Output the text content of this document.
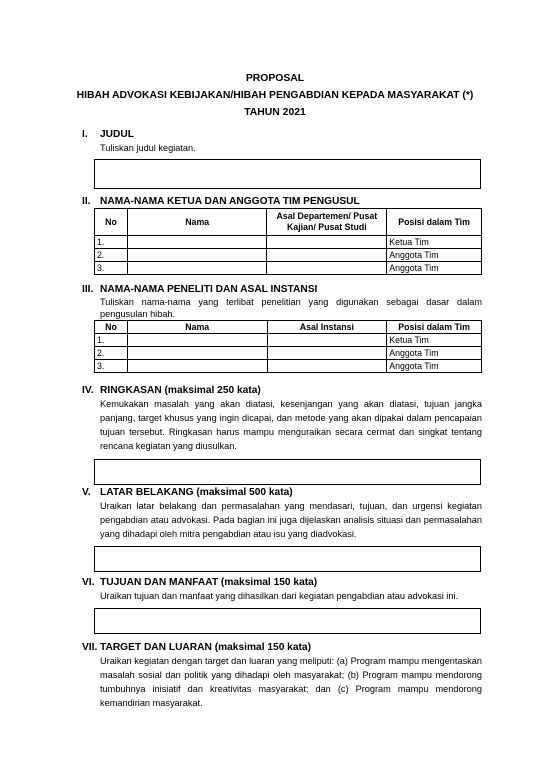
PROPOSAL
HIBAH ADVOKASI KEBIJAKAN/HIBAH PENGABDIAN KEPADA MASYARAKAT (*)
TAHUN 2021
I. JUDUL
Tuliskan judul kegiatan.
II. NAMA-NAMA KETUA DAN ANGGOTA TIM PENGUSUL
No	Nama	Asal Departemen/ Pusat Kajian/ Pusat Studi	Posisi dalam Tim
1.			Ketua Tim
2.			Anggota Tim
3.			Anggota Tim
III. NAMA-NAMA PENELITI DAN ASAL INSTANSI
Tuliskan nama-nama yang terlibat penelitian yang digunakan sebagai dasar dalam pengusulan hibah.
No	Nama	Asal Instansi	Posisi dalam Tim
1.			Ketua Tim
2.			Anggota Tim
3.			Anggota Tim
IV. RINGKASAN (maksimal 250 kata)
Kemukakan masalah yang akan diatasi, kesenjangan yang akan diatasi, tujuan jangka panjang, target khusus yang ingin dicapai, dan metode yang akan dipakai dalam pencapaian tujuan tersebut. Ringkasan harus mampu menguraikan secara cermat dan singkat tentang rencana kegiatan yang diusulkan.
V. LATAR BELAKANG (maksimal 500 kata)
Uraikan latar belakang dan permasalahan yang mendasari, tujuan, dan urgensi kegiatan pengabdian atau advokasi. Pada bagian ini juga dijelaskan analisis situasi dan permasalahan yang dihadapi oleh mitra pengabdian atau isu yang diadvokasi.
VI. TUJUAN DAN MANFAAT (maksimal 150 kata)
Uraikan tujuan dan manfaat yang dihasilkan dari kegiatan pengabdian atau advokasi ini.
VII. TARGET DAN LUARAN (maksimal 150 kata)
Uraikan kegiatan dengan target dan luaran yang meliputi: (a) Program mampu mengentaskan masalah sosial dan politik yang dihadapi oleh masyarakat; (b) Program mampu mendorong tumbuhnya inisiatif dan kreativitas masyarakat; dan (c) Program mampu mendorong kemandirian masyarakat.
